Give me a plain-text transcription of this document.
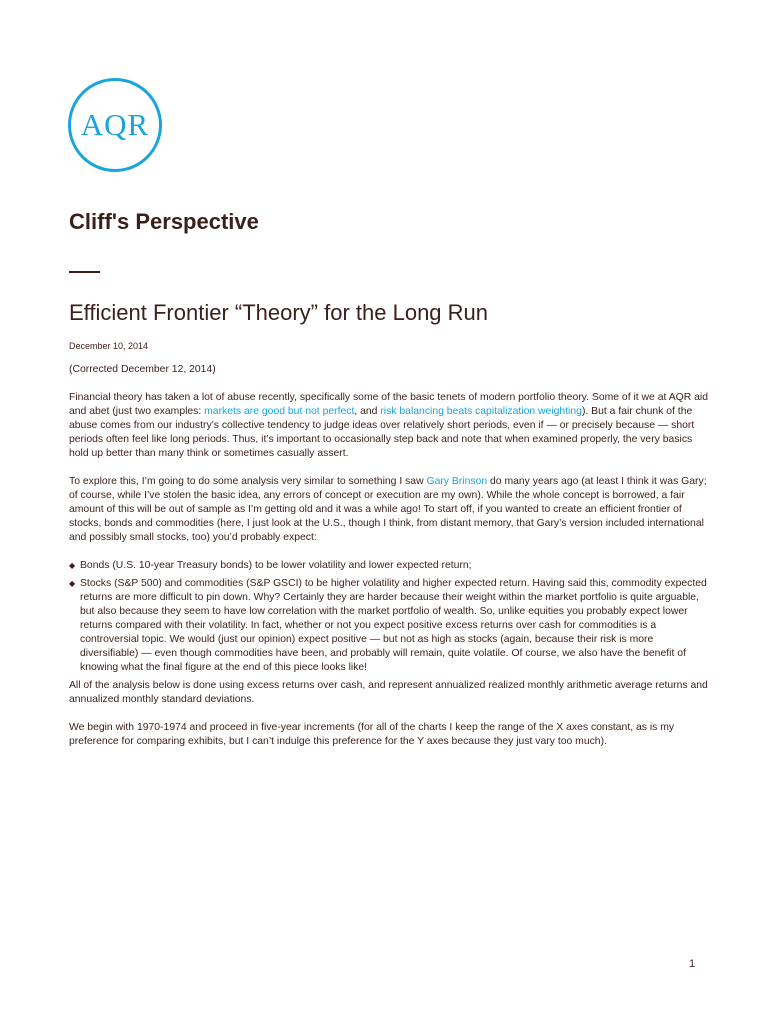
AQR
Cliff's Perspective
Efficient Frontier “Theory” for the Long Run
December 10, 2014

(Corrected December 12, 2014)

Financial theory has taken a lot of abuse recently, specifically some of the basic tenets of modern portfolio theory. Some of it we at AQR aid and abet (just two examples: markets are good but not perfect, and risk balancing beats capitalization weighting). But a fair chunk of the abuse comes from our industry’s collective tendency to judge ideas over relatively short periods, even if — or precisely because — short periods often feel like long periods. Thus, it’s important to occasionally step back and note that when examined properly, the very basics hold up better than many think or sometimes casually assert.

To explore this, I’m going to do some analysis very similar to something I saw Gary Brinson do many years ago (at least I think it was Gary; of course, while I’ve stolen the basic idea, any errors of concept or execution are my own). While the whole concept is borrowed, a fair amount of this will be out of sample as I’m getting old and it was a while ago! To start off, if you wanted to create an efficient frontier of stocks, bonds and commodities (here, I just look at the U.S., though I think, from distant memory, that Gary’s version included international and possibly small stocks, too) you’d probably expect:

◆ Bonds (U.S. 10-year Treasury bonds) to be lower volatility and lower expected return;
◆ Stocks (S&P 500) and commodities (S&P GSCI) to be higher volatility and higher expected return. Having said this, commodity expected returns are more difficult to pin down. Why? Certainly they are harder because their weight within the market portfolio is quite arguable, but also because they seem to have low correlation with the market portfolio of wealth. So, unlike equities you probably expect lower returns compared with their volatility. In fact, whether or not you expect positive excess returns over cash for commodities is a controversial topic. We would (just our opinion) expect positive — but not as high as stocks (again, because their risk is more diversifiable) — even though commodities have been, and probably will remain, quite volatile. Of course, we also have the benefit of knowing what the final figure at the end of this piece looks like!

All of the analysis below is done using excess returns over cash, and represent annualized realized monthly arithmetic average returns and annualized monthly standard deviations.

We begin with 1970-1974 and proceed in five-year increments (for all of the charts I keep the range of the X axes constant, as is my preference for comparing exhibits, but I can’t indulge this preference for the Y axes because they just vary too much).

1
